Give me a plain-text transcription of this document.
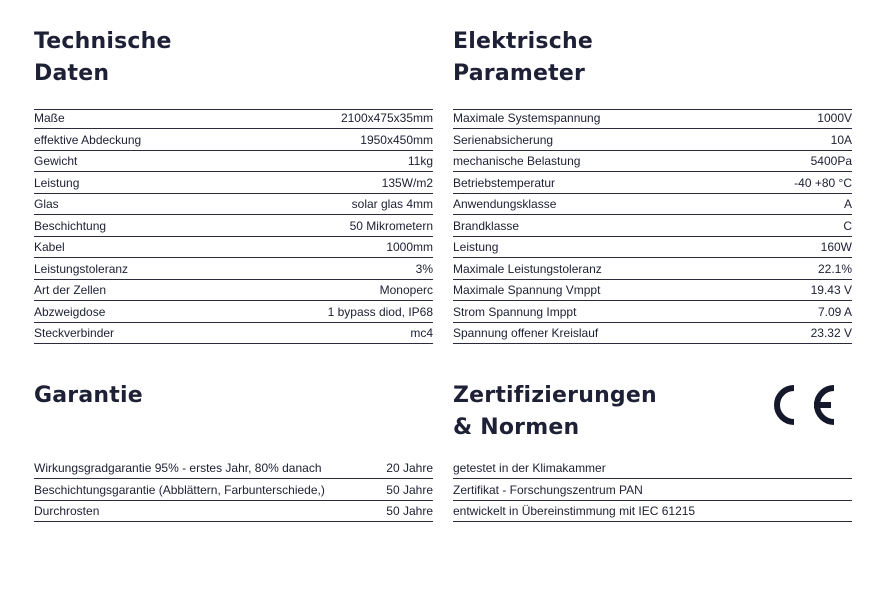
Technische
Daten
Maße	2100x475x35mm
effektive Abdeckung	1950x450mm
Gewicht	11kg
Leistung	135W/m2
Glas	solar glas 4mm
Beschichtung	50 Mikrometern
Kabel	1000mm
Leistungstoleranz	3%
Art der Zellen	Monoperc
Abzweigdose	1 bypass diod, IP68
Steckverbinder	mc4
Elektrische
Parameter
Maximale Systemspannung	1000V
Serienabsicherung	10A
mechanische Belastung	5400Pa
Betriebstemperatur	-40 +80 °C
Anwendungsklasse	A
Brandklasse	C
Leistung	160W
Maximale Leistungstoleranz	22.1%
Maximale Spannung Vmppt	19.43 V
Strom Spannung Imppt	7.09 A
Spannung offener Kreislauf	23.32 V
Garantie
Wirkungsgradgarantie 95% - erstes Jahr, 80% danach	20 Jahre
Beschichtungsgarantie (Abblättern, Farbunterschiede,)	50 Jahre
Durchrosten	50 Jahre
Zertifizierungen
& Normen
getestet in der Klimakammer
Zertifikat - Forschungszentrum PAN
entwickelt in Übereinstimmung mit IEC 61215
